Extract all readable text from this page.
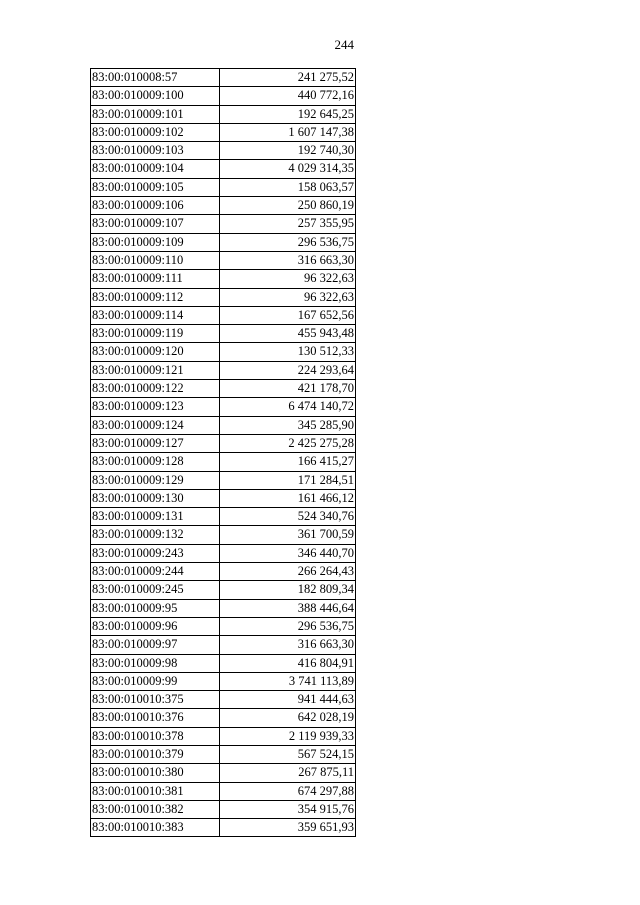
244
83:00:010008:57	241 275,52
83:00:010009:100	440 772,16
83:00:010009:101	192 645,25
83:00:010009:102	1 607 147,38
83:00:010009:103	192 740,30
83:00:010009:104	4 029 314,35
83:00:010009:105	158 063,57
83:00:010009:106	250 860,19
83:00:010009:107	257 355,95
83:00:010009:109	296 536,75
83:00:010009:110	316 663,30
83:00:010009:111	96 322,63
83:00:010009:112	96 322,63
83:00:010009:114	167 652,56
83:00:010009:119	455 943,48
83:00:010009:120	130 512,33
83:00:010009:121	224 293,64
83:00:010009:122	421 178,70
83:00:010009:123	6 474 140,72
83:00:010009:124	345 285,90
83:00:010009:127	2 425 275,28
83:00:010009:128	166 415,27
83:00:010009:129	171 284,51
83:00:010009:130	161 466,12
83:00:010009:131	524 340,76
83:00:010009:132	361 700,59
83:00:010009:243	346 440,70
83:00:010009:244	266 264,43
83:00:010009:245	182 809,34
83:00:010009:95	388 446,64
83:00:010009:96	296 536,75
83:00:010009:97	316 663,30
83:00:010009:98	416 804,91
83:00:010009:99	3 741 113,89
83:00:010010:375	941 444,63
83:00:010010:376	642 028,19
83:00:010010:378	2 119 939,33
83:00:010010:379	567 524,15
83:00:010010:380	267 875,11
83:00:010010:381	674 297,88
83:00:010010:382	354 915,76
83:00:010010:383	359 651,93
